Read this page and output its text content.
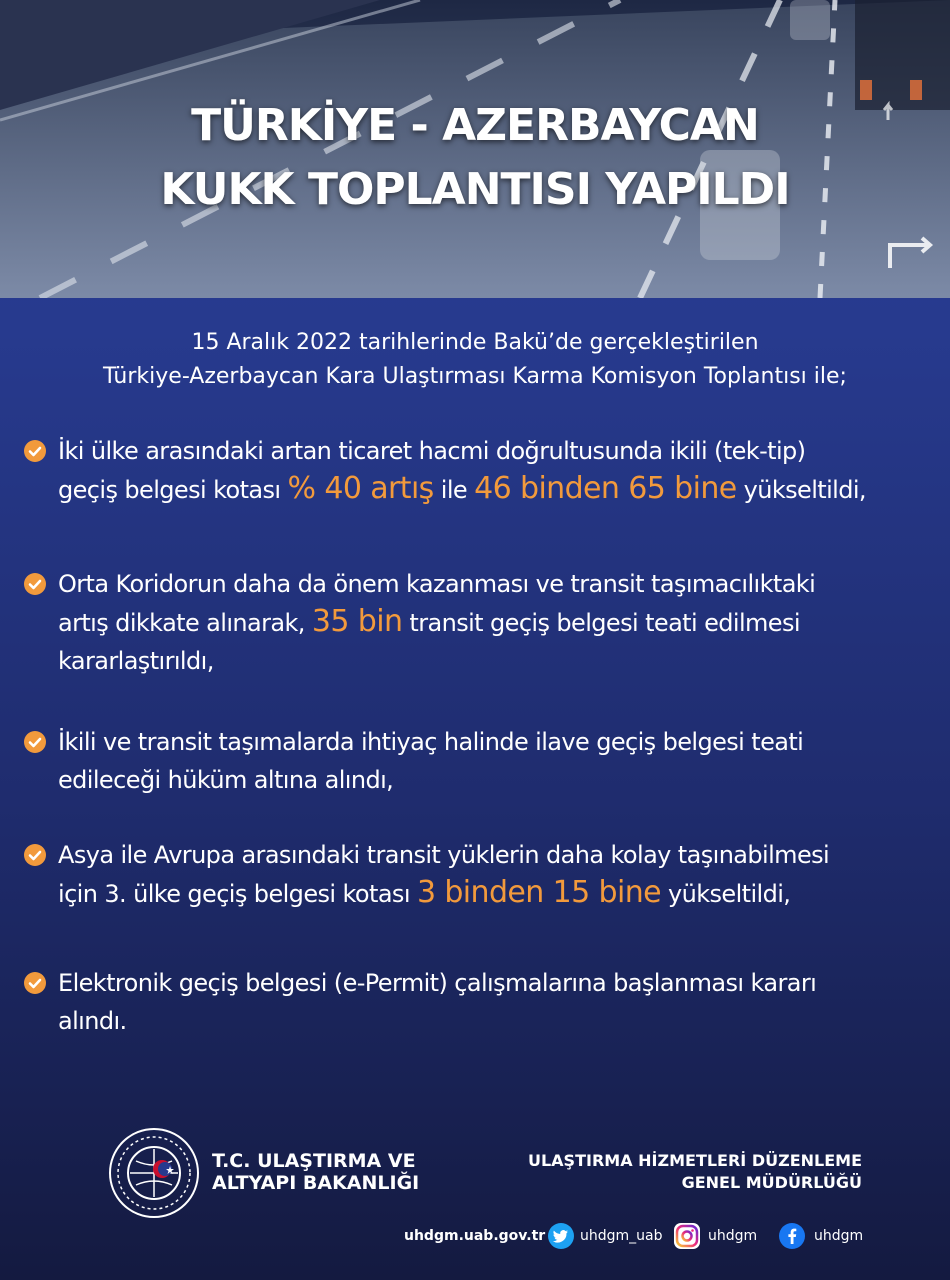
TÜRKİYE - AZERBAYCAN
KUKK TOPLANTISI YAPILDI
15 Aralık 2022 tarihlerinde Bakü’de gerçekleştirilen
Türkiye-Azerbaycan Kara Ulaştırması Karma Komisyon Toplantısı ile;
İki ülke arasındaki artan ticaret hacmi doğrultusunda ikili (tek-tip)
geçiş belgesi kotası % 40 artış ile 46 binden 65 bine yükseltildi,
Orta Koridorun daha da önem kazanması ve transit taşımacılıktaki
artış dikkate alınarak, 35 bin transit geçiş belgesi teati edilmesi
kararlaştırıldı,
İkili ve transit taşımalarda ihtiyaç halinde ilave geçiş belgesi teati
edileceği hüküm altına alındı,
Asya ile Avrupa arasındaki transit yüklerin daha kolay taşınabilmesi
için 3. ülke geçiş belgesi kotası 3 binden 15 bine yükseltildi,
Elektronik geçiş belgesi (e-Permit) çalışmalarına başlanması kararı
alındı.
T.C. ULAŞTIRMA VE
ALTYAPI BAKANLIĞI
ULAŞTIRMA HİZMETLERİ DÜZENLEME
GENEL MÜDÜRLÜĞÜ
uhdgm.uab.gov.tr uhdgm_uab	uhdgm	uhdgm
